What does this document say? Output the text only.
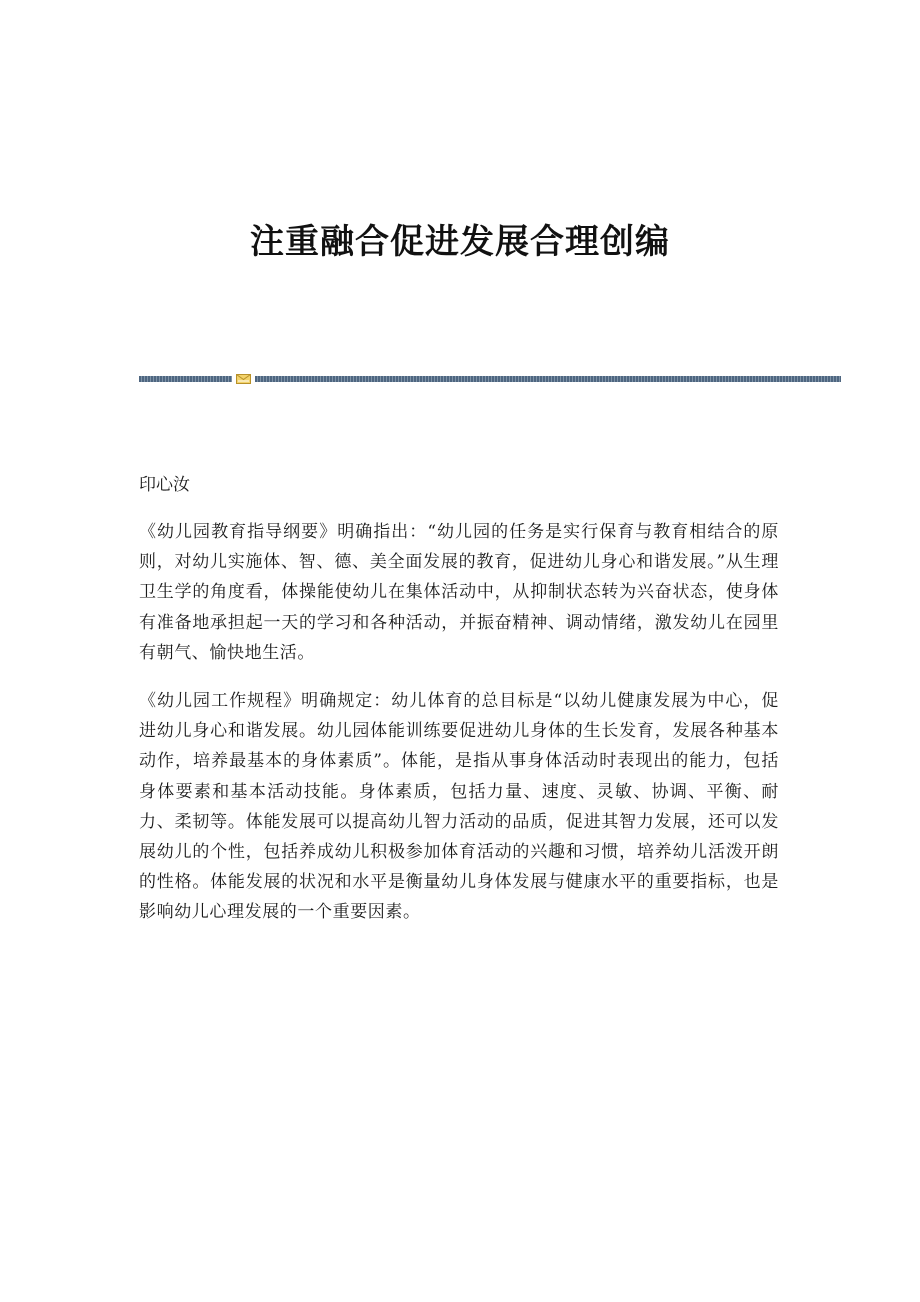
注重融合促进发展合理创编

印心汝

《幼儿园教育指导纲要》明确指出：“幼儿园的任务是实行保育与教育相结合的原则，对幼儿实施体、智、德、美全面发展的教育，促进幼儿身心和谐发展。”从生理卫生学的角度看，体操能使幼儿在集体活动中，从抑制状态转为兴奋状态，使身体有准备地承担起一天的学习和各种活动，并振奋精神、调动情绪，激发幼儿在园里有朝气、愉快地生活。

《幼儿园工作规程》明确规定：幼儿体育的总目标是“以幼儿健康发展为中心，促进幼儿身心和谐发展。幼儿园体能训练要促进幼儿身体的生长发育，发展各种基本动作，培养最基本的身体素质”。体能，是指从事身体活动时表现出的能力，包括身体要素和基本活动技能。身体素质，包括力量、速度、灵敏、协调、平衡、耐力、柔韧等。体能发展可以提高幼儿智力活动的品质，促进其智力发展，还可以发展幼儿的个性，包括养成幼儿积极参加体育活动的兴趣和习惯，培养幼儿活泼开朗的性格。体能发展的状况和水平是衡量幼儿身体发展与健康水平的重要指标，也是影响幼儿心理发展的一个重要因素。
